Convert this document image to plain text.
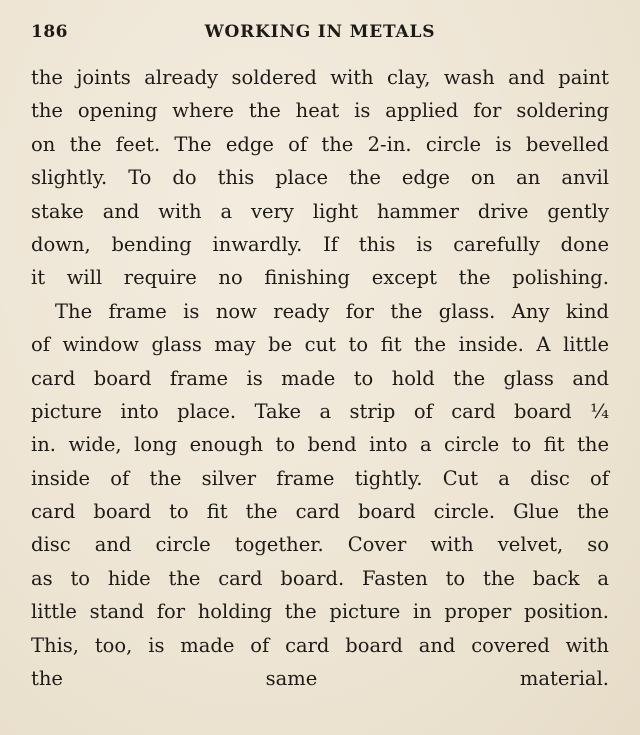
186	WORKING IN METALS
the joints already soldered with clay, wash and paint
the opening where the heat is applied for soldering
on the feet. The edge of the 2-in. circle is bevelled
slightly. To do this place the edge on an anvil
stake and with a very light hammer drive gently
down, bending inwardly. If this is carefully done
it will require no finishing except the polishing.
The frame is now ready for the glass. Any kind
of window glass may be cut to fit the inside. A little
card board frame is made to hold the glass and
picture into place. Take a strip of card board ¼
in. wide, long enough to bend into a circle to fit the
inside of the silver frame tightly. Cut a disc of
card board to fit the card board circle. Glue the
disc and circle together. Cover with velvet, so
as to hide the card board. Fasten to the back a
little stand for holding the picture in proper position.
This, too, is made of card board and covered with
the same material.
